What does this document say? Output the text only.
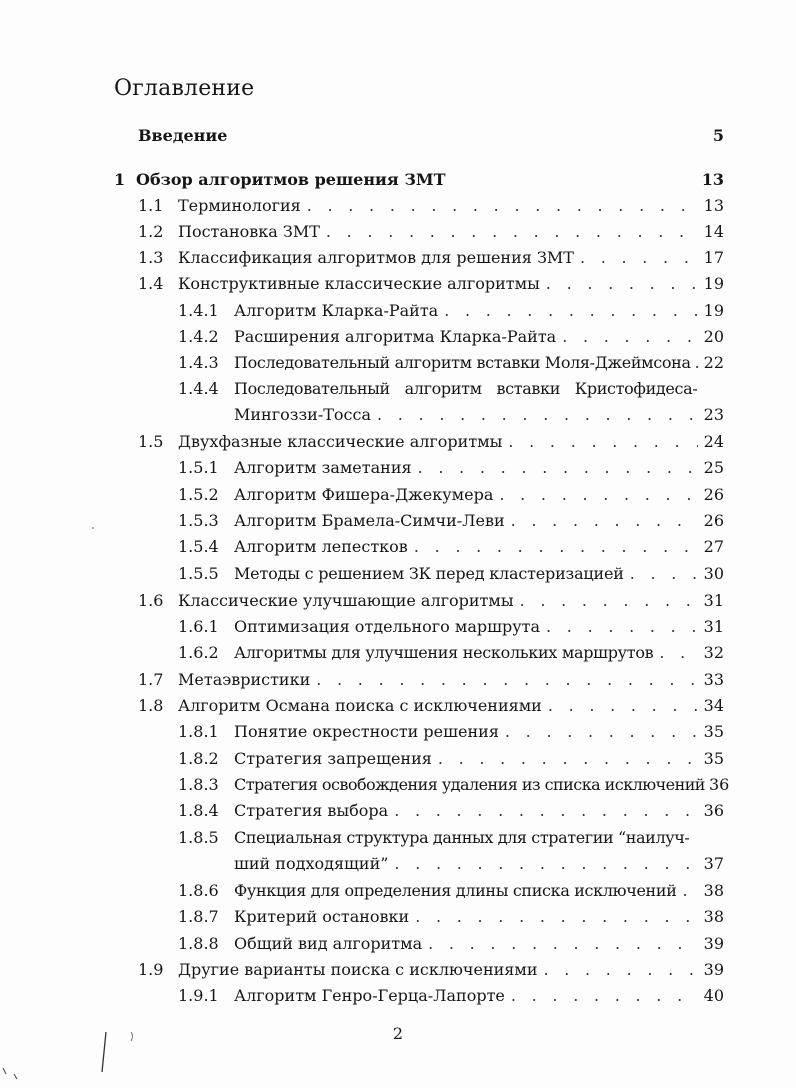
Оглавление
Введение	5
1 Обзор алгоритмов решения ЗМТ	13
1.1 Терминология . . .	13
1.2 Постановка ЗМТ . . .	14
1.3 Классификация алгоритмов для решения ЗМТ . . .	17
1.4 Конструктивные классические алгоритмы . . .	19
1.4.1 Алгоритм Кларка-Райта . . .	19
1.4.2 Расширения алгоритма Кларка-Райта . . .	20
1.4.3 Последовательный алгоритм вставки Моля-Джеймсона . . . 22
1.4.4 Последовательный алгоритм вставки Кристофидеса-
Мингоззи-Тосса . . .	23
1.5 Двухфазные классические алгоритмы . . .	24
1.5.1 Алгоритм заметания . . .	25
1.5.2 Алгоритм Фишера-Джекумера . . .	26
1.5.3 Алгоритм Брамела-Симчи-Леви . . .	26
1.5.4 Алгоритм лепестков . . .	27
1.5.5 Методы с решением ЗК перед кластеризацией . . .	30
1.6 Классические улучшающие алгоритмы . . .	31
1.6.1 Оптимизация отдельного маршрута . . .	31
1.6.2 Алгоритмы для улучшения нескольких маршрутов . . .	32
1.7 Метаэвристики . . .	33
1.8 Алгоритм Османа поиска с исключениями . . .	34
1.8.1 Понятие окрестности решения . . .	35
1.8.2 Стратегия запрещения . . .	35
1.8.3 Стратегия освобождения удаления из списка исключений 36
1.8.4 Стратегия выбора . . .	36
1.8.5 Специальная структура данных для стратегии “наилуч-
ший подходящий” . . .	37
1.8.6 Функция для определения длины списка исключений . . . 38
1.8.7 Критерий остановки . . .	38
1.8.8 Общий вид алгоритма . . .	39
1.9 Другие варианты поиска с исключениями . . .	39
1.9.1 Алгоритм Генро-Герца-Лапорте . . .	40
2
